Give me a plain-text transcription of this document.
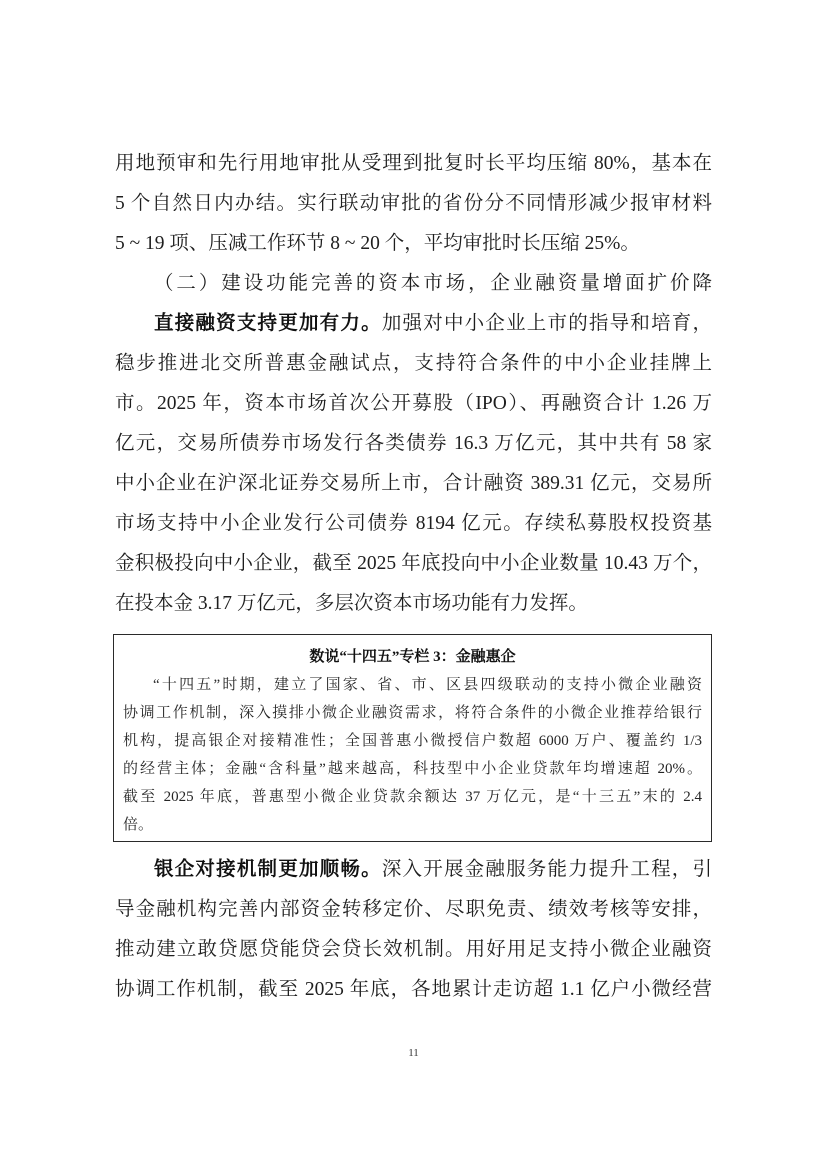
用地预审和先行用地审批从受理到批复时长平均压缩 80%，基本在
5 个自然日内办结。实行联动审批的省份分不同情形减少报审材料
5 ~ 19 项、压减工作环节 8 ~ 20 个，平均审批时长压缩 25%。
（二）建设功能完善的资本市场，企业融资量增面扩价降
直接融资支持更加有力。加强对中小企业上市的指导和培育，
稳步推进北交所普惠金融试点，支持符合条件的中小企业挂牌上
市。2025 年，资本市场首次公开募股（IPO）、再融资合计 1.26 万
亿元，交易所债券市场发行各类债券 16.3 万亿元，其中共有 58 家
中小企业在沪深北证券交易所上市，合计融资 389.31 亿元，交易所
市场支持中小企业发行公司债券 8194 亿元。存续私募股权投资基
金积极投向中小企业，截至 2025 年底投向中小企业数量 10.43 万个，
在投本金 3.17 万亿元，多层次资本市场功能有力发挥。
数说“十四五”专栏 3：金融惠企
“十四五”时期，建立了国家、省、市、区县四级联动的支持小微企业融资
协调工作机制，深入摸排小微企业融资需求，将符合条件的小微企业推荐给银行
机构，提高银企对接精准性；全国普惠小微授信户数超 6000 万户、覆盖约 1/3
的经营主体；金融“含科量”越来越高，科技型中小企业贷款年均增速超 20%。
截至 2025 年底，普惠型小微企业贷款余额达 37 万亿元，是“十三五”末的 2.4
倍。
银企对接机制更加顺畅。深入开展金融服务能力提升工程，引
导金融机构完善内部资金转移定价、尽职免责、绩效考核等安排，
推动建立敢贷愿贷能贷会贷长效机制。用好用足支持小微企业融资
协调工作机制，截至 2025 年底，各地累计走访超 1.1 亿户小微经营
11
